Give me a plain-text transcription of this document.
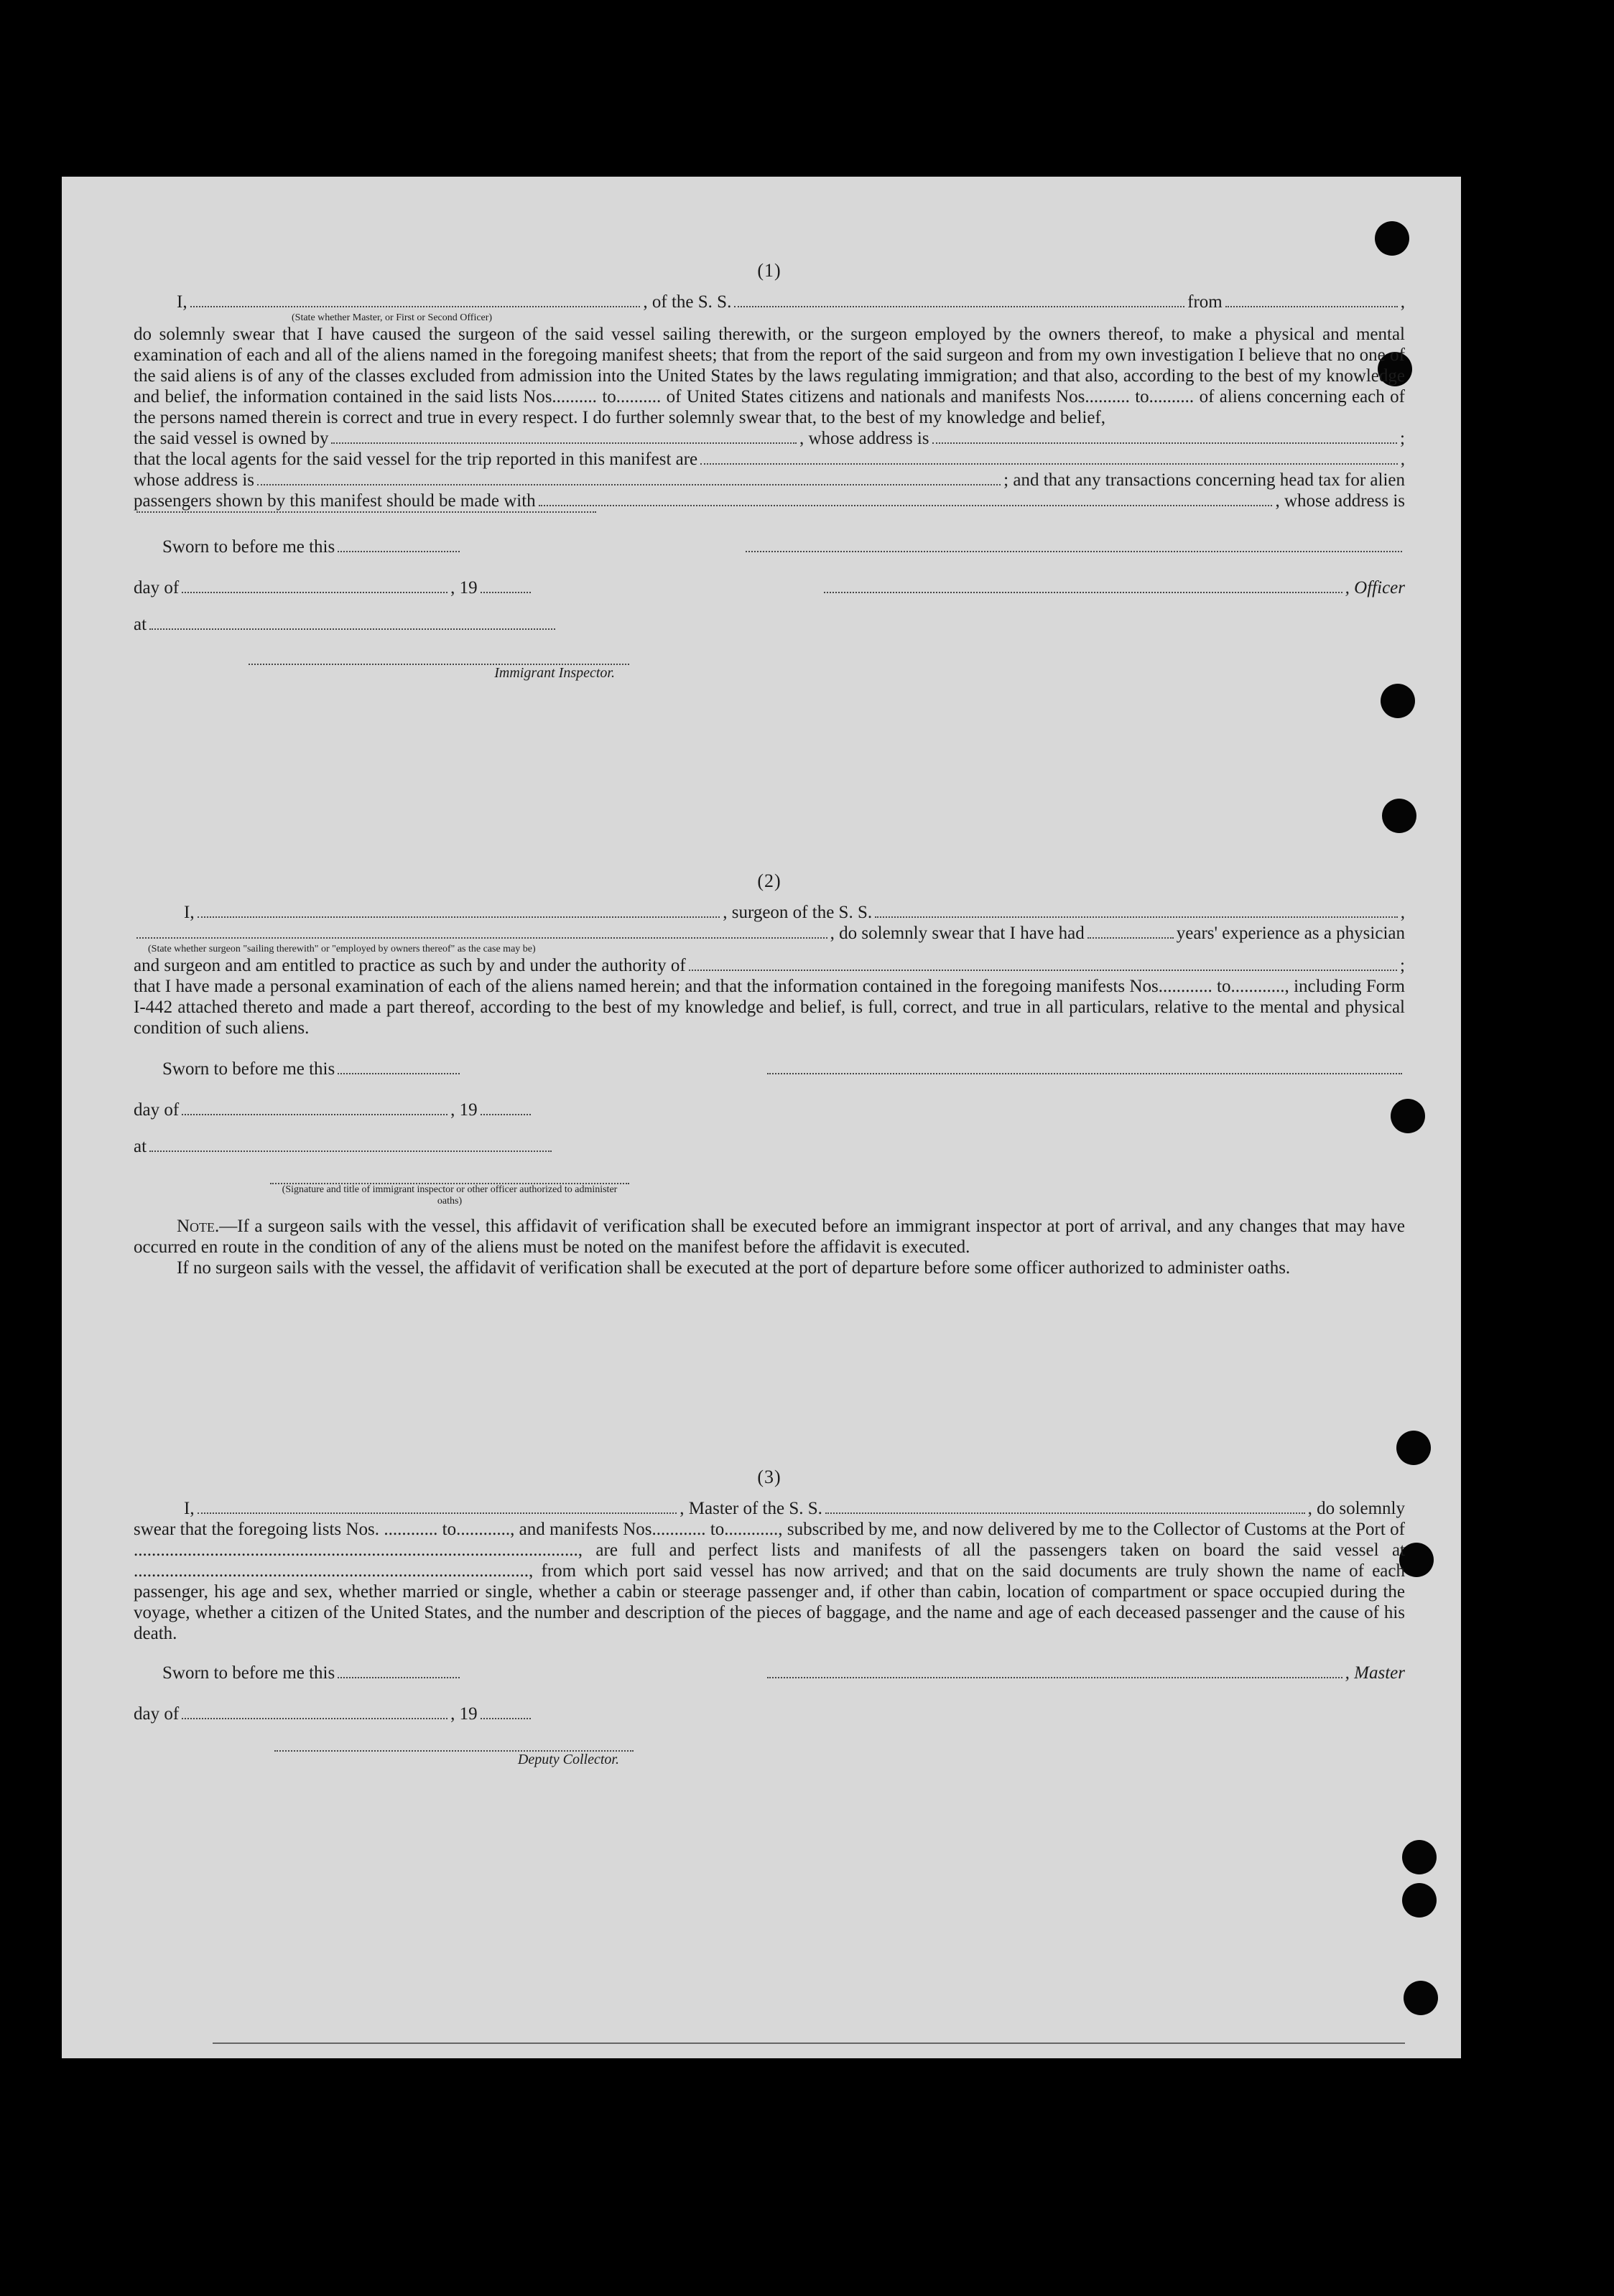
(1)
I,	, of the S. S.	from	,
(State whether Master, or First or Second Officer)

do solemnly swear that I have caused the surgeon of the said vessel sailing therewith, or the surgeon employed by the owners thereof, to make a physical and mental examination of each and all of the aliens named in the foregoing manifest sheets; that from the report of the said surgeon and from my own investigation I believe that no one of the said aliens is of any of the classes excluded from admission into the United States by the laws regulating immigration; and that also, according to the best of my knowledge and belief, the information contained in the said lists Nos.......... to.......... of United States citizens and nationals and manifests Nos.......... to.......... of aliens concerning each of the persons named therein is correct and true in every respect. I do further solemnly swear that, to the best of my knowledge and belief,

the said vessel is owned by	, whose address is	;
that the local agents for the said vessel for the trip reported in this manifest are	,
whose address is	; and that any transactions concerning head tax for alien
passengers shown by this manifest should be made with	, whose address is
Sworn to before me this
day of	, 19	, Officer
at
Immigrant Inspector.
(2)
I,	, surgeon of the S. S.	,
, do solemnly swear that I have had	years' experience as a physician
(State whether surgeon "sailing therewith" or "employed by owners thereof" as the case may be)
and surgeon and am entitled to practice as such by and under the authority of	;

that I have made a personal examination of each of the aliens named herein; and that the information contained in the foregoing manifests Nos............ to............, including Form I-442 attached thereto and made a part thereof, according to the best of my knowledge and belief, is full, correct, and true in all particulars, relative to the mental and physical condition of such aliens.

Sworn to before me this
day of	, 19
at
(Signature and title of immigrant inspector or other officer authorized to administer oaths)

Note.—If a surgeon sails with the vessel, this affidavit of verification shall be executed before an immigrant inspector at port of arrival, and any changes that may have occurred en route in the condition of any of the aliens must be noted on the manifest before the affidavit is executed.

If no surgeon sails with the vessel, the affidavit of verification shall be executed at the port of departure before some officer authorized to administer oaths.

(3)
I,	, Master of the S. S.	, do solemnly

swear that the foregoing lists Nos. ............ to............, and manifests Nos............ to............, subscribed by me, and now delivered by me to the Collector of Customs at the Port of ..................................................................................................., are full and perfect lists and manifests of all the passengers taken on board the said vessel at ........................................................................................, from which port said vessel has now arrived; and that on the said documents are truly shown the name of each passenger, his age and sex, whether married or single, whether a cabin or steerage passenger and, if other than cabin, location of compartment or space occupied during the voyage, whether a citizen of the United States, and the number and description of the pieces of baggage, and the name and age of each deceased passenger and the cause of his death.

Sworn to before me this	, Master
day of	, 19
Deputy Collector.
